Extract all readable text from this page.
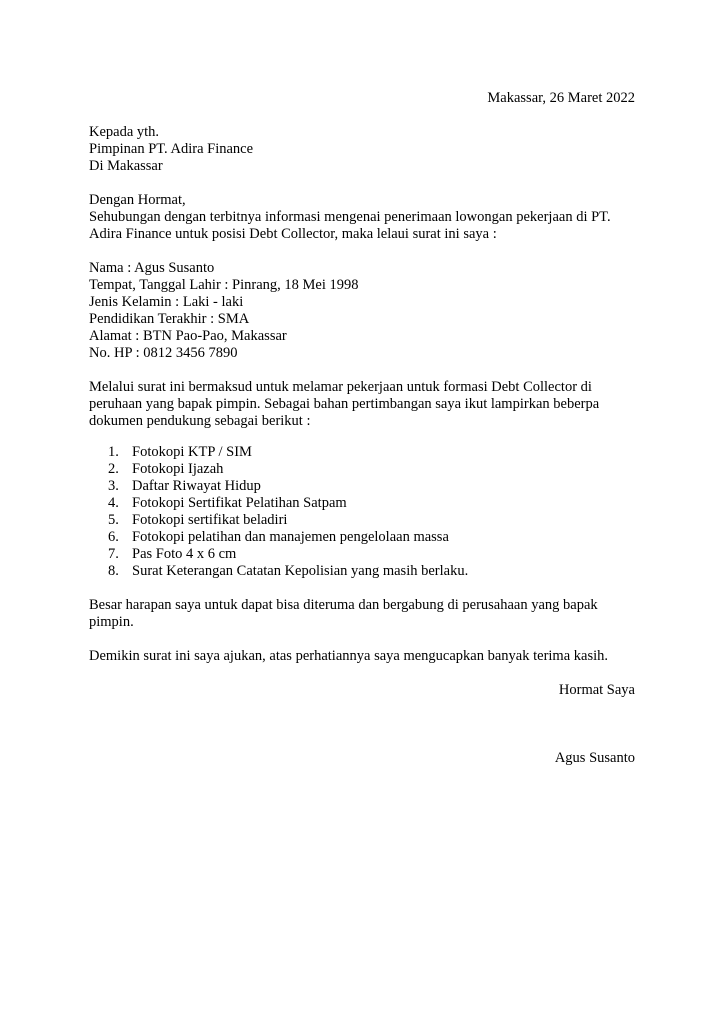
Makassar, 26 Maret 2022
Kepada yth.
Pimpinan PT. Adira Finance
Di Makassar
Dengan Hormat,
Sehubungan dengan terbitnya informasi mengenai penerimaan lowongan pekerjaan di PT.
Adira Finance untuk posisi Debt Collector, maka lelaui surat ini saya :
Nama : Agus Susanto
Tempat, Tanggal Lahir : Pinrang, 18 Mei 1998
Jenis Kelamin : Laki - laki
Pendidikan Terakhir : SMA
Alamat : BTN Pao-Pao, Makassar
No. HP : 0812 3456 7890
Melalui surat ini bermaksud untuk melamar pekerjaan untuk formasi Debt Collector di
peruhaan yang bapak pimpin. Sebagai bahan pertimbangan saya ikut lampirkan beberpa
dokumen pendukung sebagai berikut :
1. Fotokopi KTP / SIM
2. Fotokopi Ijazah
3. Daftar Riwayat Hidup
4. Fotokopi Sertifikat Pelatihan Satpam
5. Fotokopi sertifikat beladiri
6. Fotokopi pelatihan dan manajemen pengelolaan massa
7. Pas Foto 4 x 6 cm
8. Surat Keterangan Catatan Kepolisian yang masih berlaku.
Besar harapan saya untuk dapat bisa diteruma dan bergabung di perusahaan yang bapak
pimpin.
Demikin surat ini saya ajukan, atas perhatiannya saya mengucapkan banyak terima kasih.
Hormat Saya
Agus Susanto
